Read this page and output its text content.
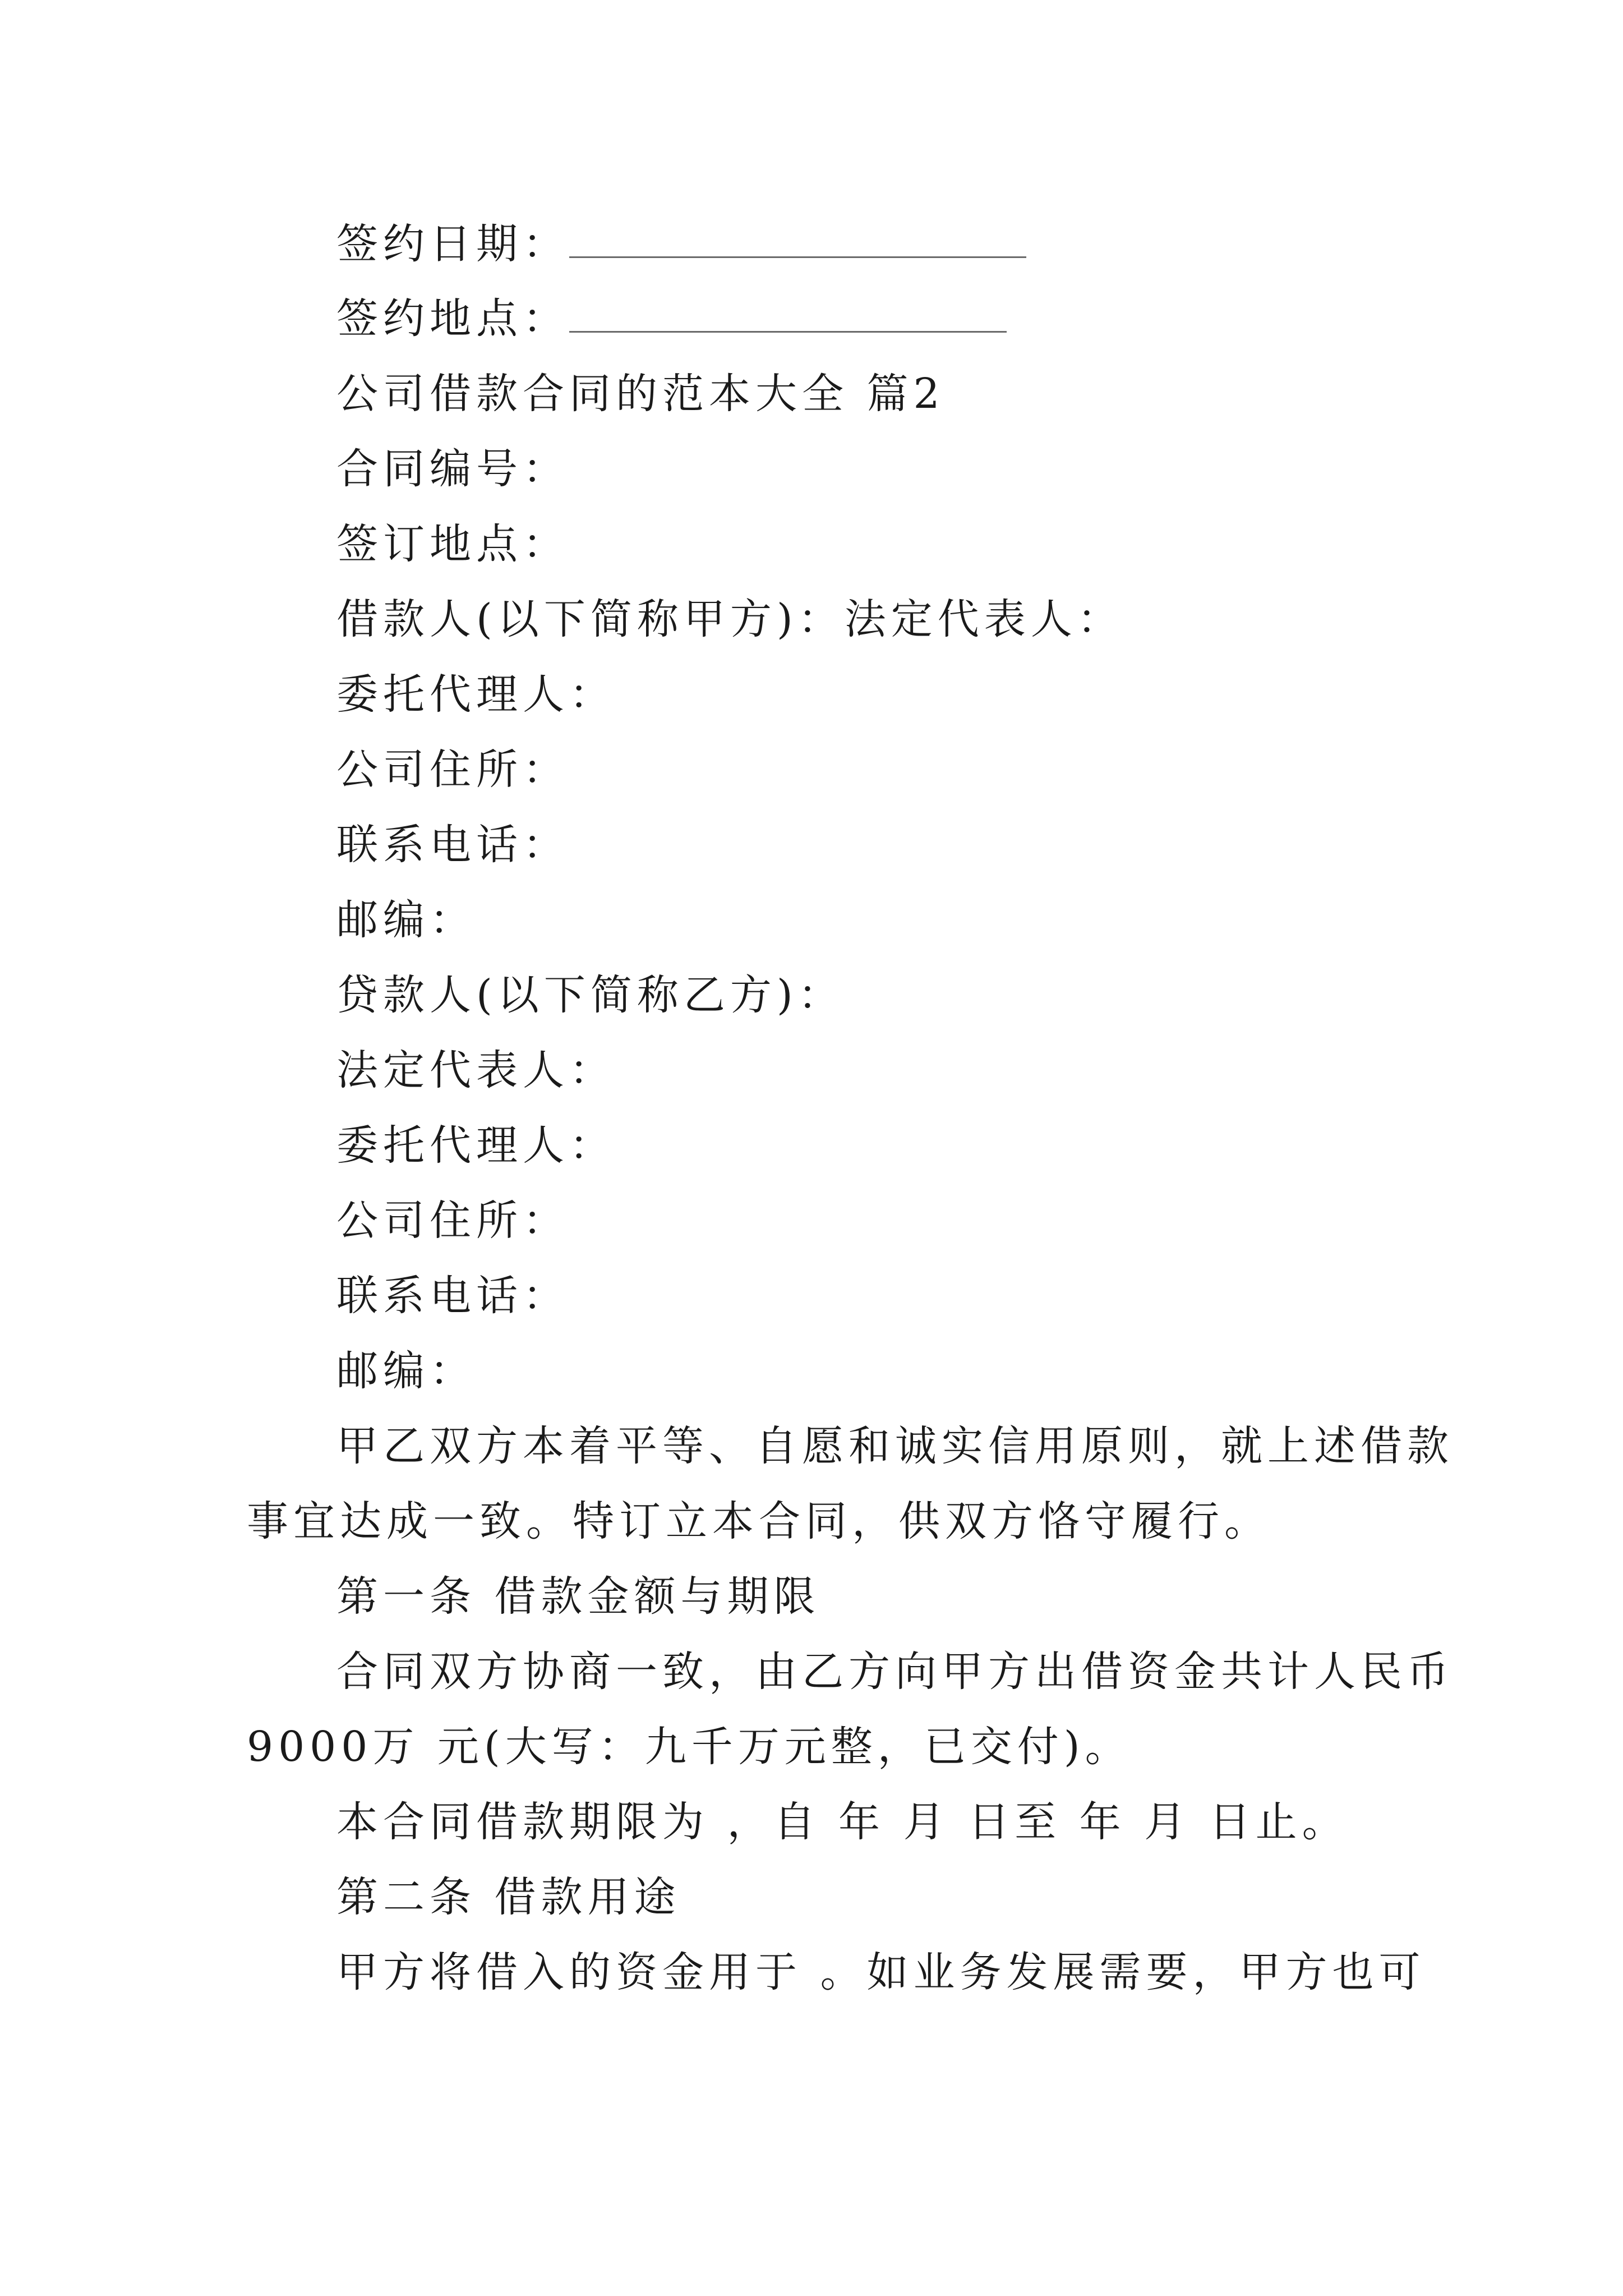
签约日期：
签约地点：
公司借款合同的范本大全 篇2
合同编号：
签订地点：
借款人(以下简称甲方)：法定代表人：
委托代理人：
公司住所：
联系电话：
邮编：
贷款人(以下简称乙方)：
法定代表人：
委托代理人：
公司住所：
联系电话：
邮编：
甲乙双方本着平等、自愿和诚实信用原则，就上述借款
事宜达成一致。特订立本合同，供双方恪守履行。
第一条 借款金额与期限
合同双方协商一致，由乙方向甲方出借资金共计人民币
9000万 元(大写：九千万元整，已交付)。
本合同借款期限为 ，自 年 月 日至 年 月 日止。
第二条 借款用途
甲方将借入的资金用于 。如业务发展需要，甲方也可
